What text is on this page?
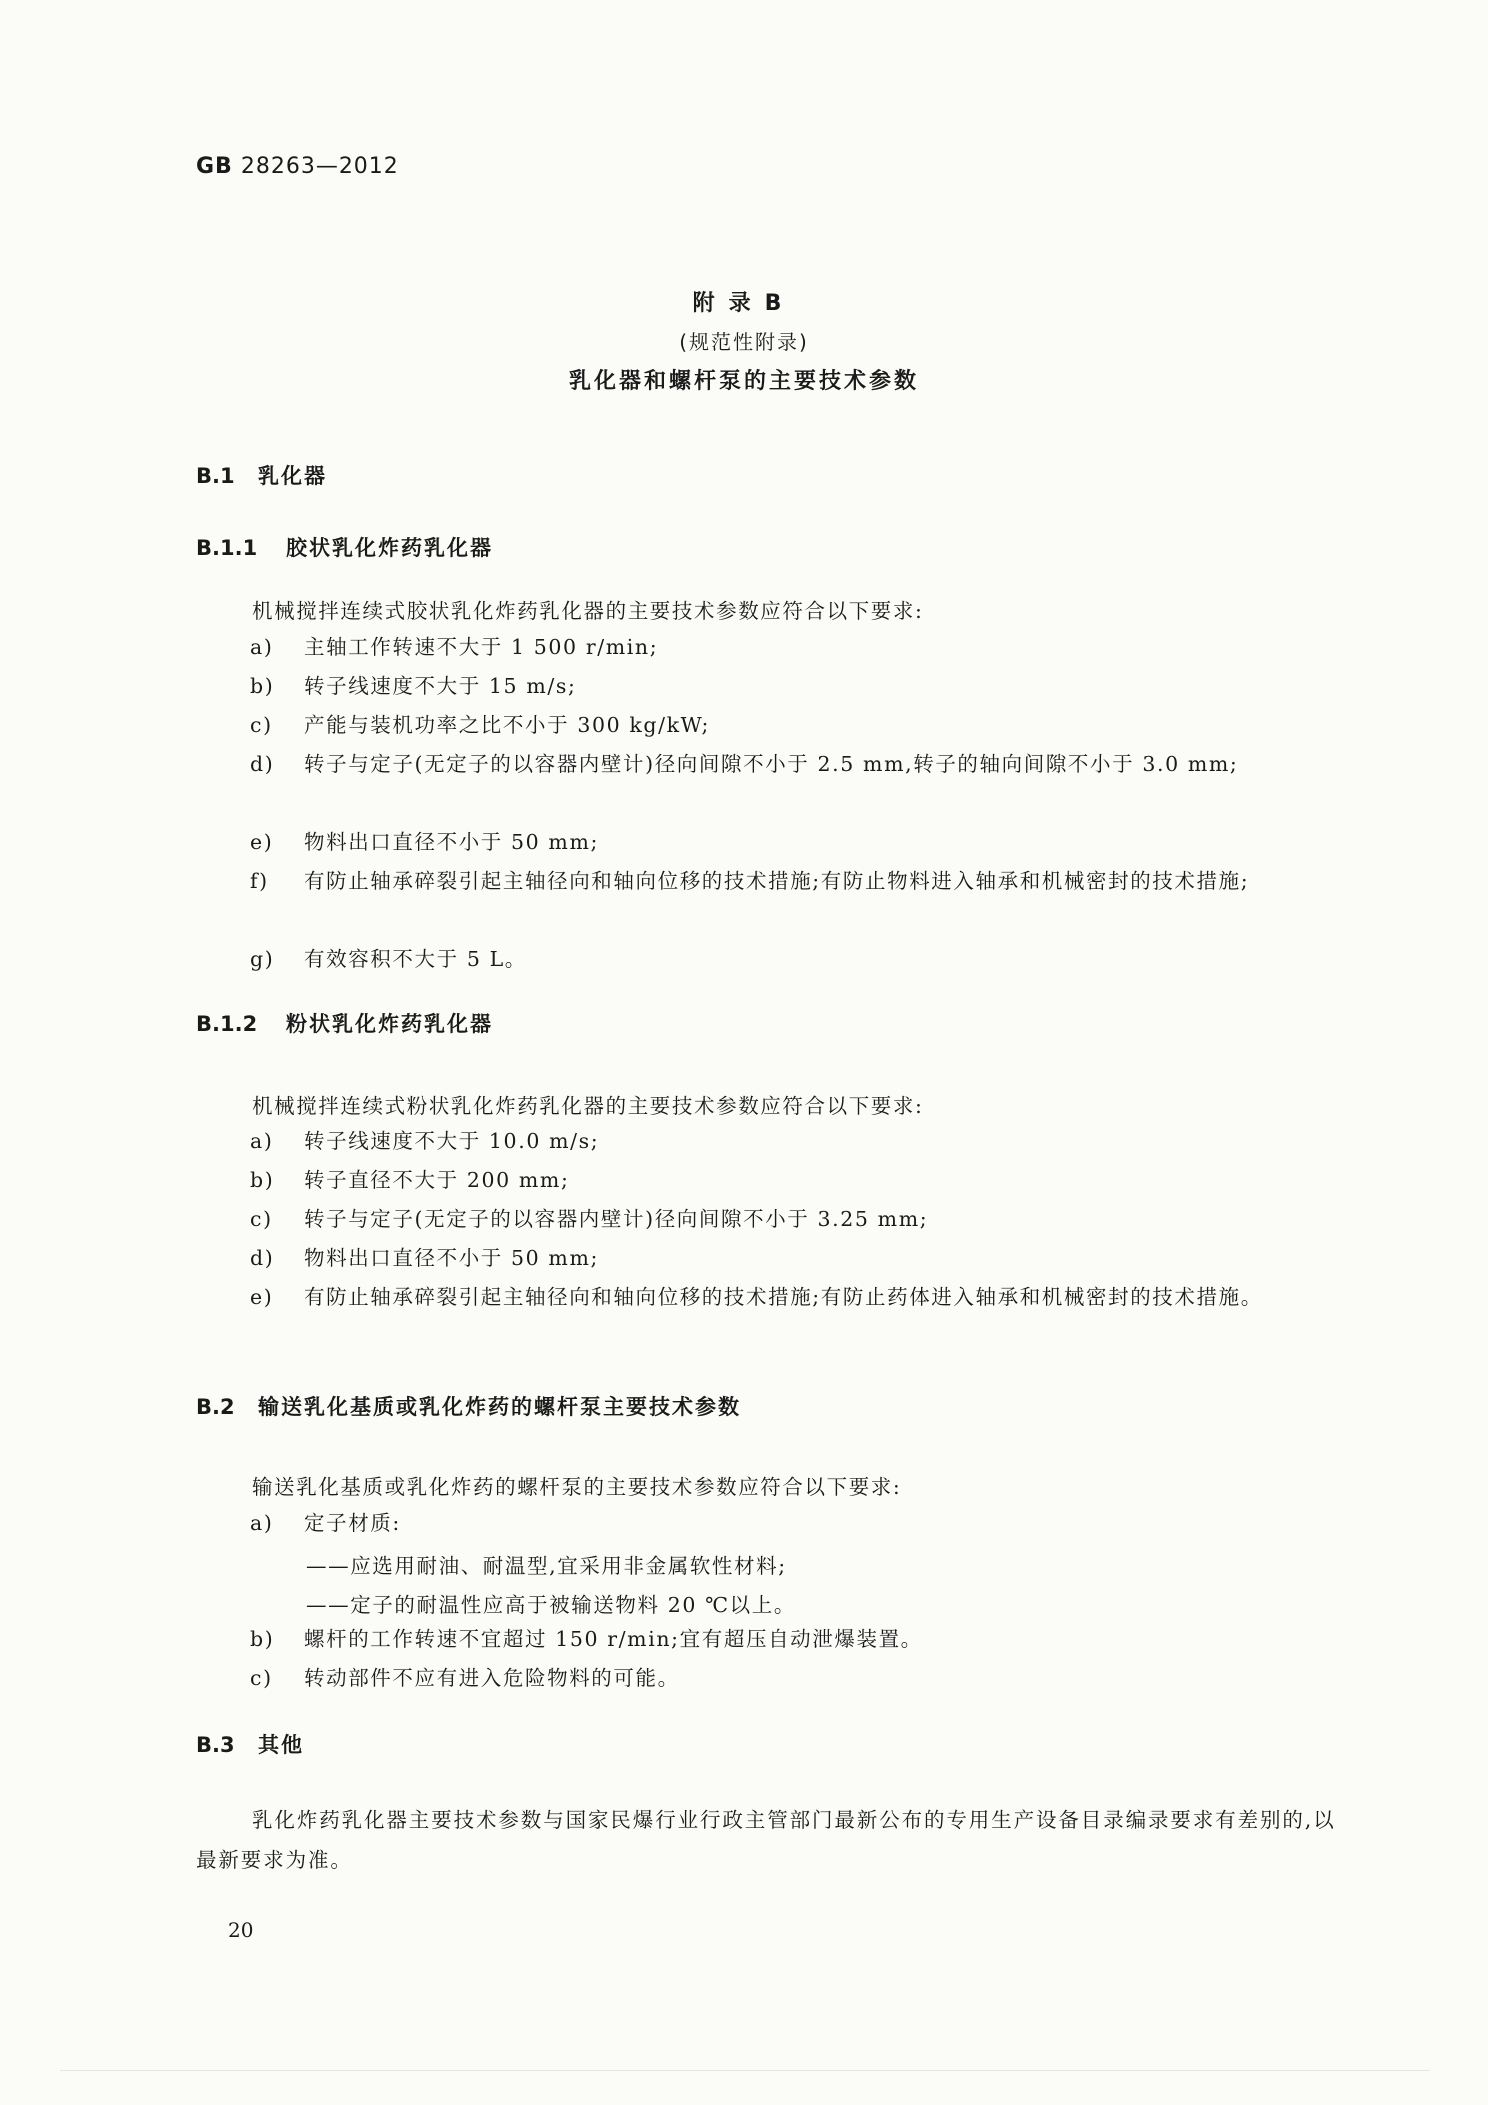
GB 28263—2012
附录B
(规范性附录)
乳化器和螺杆泵的主要技术参数
B.1 乳化器
B.1.1 胶状乳化炸药乳化器
机械搅拌连续式胶状乳化炸药乳化器的主要技术参数应符合以下要求:
a) 主轴工作转速不大于 1 500 r/min;
b) 转子线速度不大于 15 m/s;
c) 产能与装机功率之比不小于 300 kg/kW;
d) 转子与定子(无定子的以容器内壁计)径向间隙不小于 2.5 mm,转子的轴向间隙不小于 3.0 mm;
e) 物料出口直径不小于 50 mm;
f) 有防止轴承碎裂引起主轴径向和轴向位移的技术措施;有防止物料进入轴承和机械密封的技术措施;
g) 有效容积不大于 5 L。
B.1.2 粉状乳化炸药乳化器
机械搅拌连续式粉状乳化炸药乳化器的主要技术参数应符合以下要求:
a) 转子线速度不大于 10.0 m/s;
b) 转子直径不大于 200 mm;
c) 转子与定子(无定子的以容器内壁计)径向间隙不小于 3.25 mm;
d) 物料出口直径不小于 50 mm;
e) 有防止轴承碎裂引起主轴径向和轴向位移的技术措施;有防止药体进入轴承和机械密封的技术措施。
B.2 输送乳化基质或乳化炸药的螺杆泵主要技术参数
输送乳化基质或乳化炸药的螺杆泵的主要技术参数应符合以下要求:
a) 定子材质:
——应选用耐油、耐温型,宜采用非金属软性材料;
——定子的耐温性应高于被输送物料 20 ℃以上。
b) 螺杆的工作转速不宜超过 150 r/min;宜有超压自动泄爆装置。
c) 转动部件不应有进入危险物料的可能。
B.3 其他
乳化炸药乳化器主要技术参数与国家民爆行业行政主管部门最新公布的专用生产设备目录编录要求有差别的,以最新要求为准。
20
